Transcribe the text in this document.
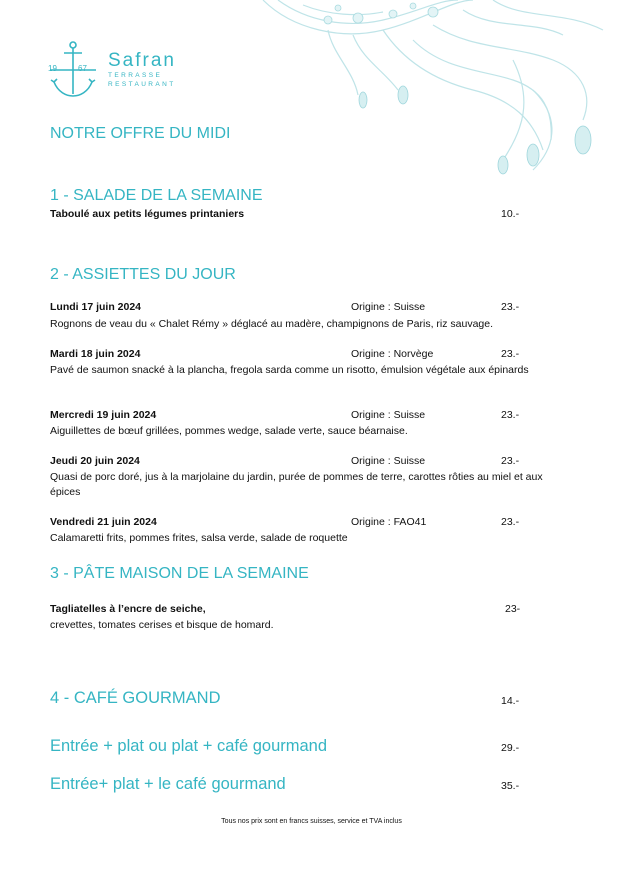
19	67 Safran
TERRASSE
RESTAURANT
NOTRE OFFRE DU MIDI
1 - SALADE DE LA SEMAINE
Taboulé aux petits légumes printaniers	10.-
2 - ASSIETTES DU JOUR
Lundi 17 juin 2024	Origine : Suisse	23.-
Rognons de veau du « Chalet Rémy » déglacé au madère, champignons de Paris, riz sauvage.
Mardi 18 juin 2024	Origine : Norvège	23.-
Pavé de saumon snacké à la plancha, fregola sarda comme un risotto, émulsion végétale aux épinards
Mercredi 19 juin 2024	Origine : Suisse	23.-
Aiguillettes de bœuf grillées, pommes wedge, salade verte, sauce béarnaise.
Jeudi 20 juin 2024	Origine : Suisse	23.-
Quasi de porc doré, jus à la marjolaine du jardin, purée de pommes de terre, carottes rôties au miel et aux épices
Vendredi 21 juin 2024	Origine : FAO41	23.-
Calamaretti frits, pommes frites, salsa verde, salade de roquette
3 - PÂTE MAISON DE LA SEMAINE
Tagliatelles à l’encre de seiche,	23-
crevettes, tomates cerises et bisque de homard.
4 - CAFÉ GOURMAND	14.-
Entrée + plat ou plat + café gourmand	29.-
Entrée+ plat + le café gourmand	35.-
Tous nos prix sont en francs suisses, service et TVA inclus
